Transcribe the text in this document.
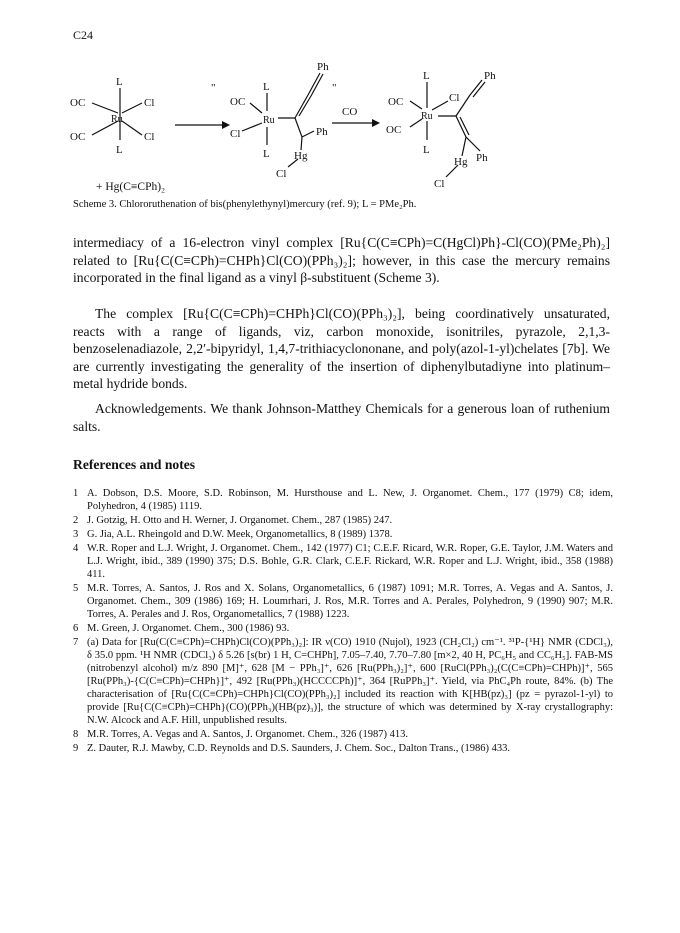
C24
L
OC	Cl
Ru
OC	Cl
L
"	L	"
Ph
OC
Ru
Cl	Ph
L Hg
Cl
CO
L
OC	Cl
Ru
OC
Ph
L
Ph
Hg
Cl
+ Hg(C≡CPh)₂
Scheme 3. Chlororuthenation of bis(phenylethynyl)mercury (ref. 9); L = PMe₂Ph.

intermediacy of a 16-electron vinyl complex [Ru{C(C≡CPh)=C(HgCl)Ph}-Cl(CO)(PMe₂Ph)₂] related to [Ru{C(C≡CPh)=CHPh}Cl(CO)(PPh₃)₂]; however, in this case the mercury remains incorporated in the final ligand as a vinyl β-substituent (Scheme 3).

The complex [Ru{C(C≡CPh)=CHPh}Cl(CO)(PPh₃)₂], being coordinatively unsaturated, reacts with a range of ligands, viz, carbon monoxide, isonitriles, pyrazole, 2,1,3-benzoselenadiazole, 2,2′-bipyridyl, 1,4,7-trithiacyclononane, and poly(azol-1-yl)chelates [7b]. We are currently investigating the generality of the insertion of diphenylbutadiyne into platinum–metal hydride bonds.

Acknowledgements. We thank Johnson-Matthey Chemicals for a generous loan of ruthenium salts.

References and notes
1 A. Dobson, D.S. Moore, S.D. Robinson, M. Hursthouse and L. New, J. Organomet. Chem., 177 (1979) C8; idem, Polyhedron, 4 (1985) 1119.
2 J. Gotzig, H. Otto and H. Werner, J. Organomet. Chem., 287 (1985) 247.
3 G. Jia, A.L. Rheingold and D.W. Meek, Organometallics, 8 (1989) 1378.
4 W.R. Roper and L.J. Wright, J. Organomet. Chem., 142 (1977) C1; C.E.F. Ricard, W.R. Roper, G.E. Taylor, J.M. Waters and L.J. Wright, ibid., 389 (1990) 375; D.S. Bohle, G.R. Clark, C.E.F. Rickard, W.R. Roper and L.J. Wright, ibid., 358 (1988) 411.
5 M.R. Torres, A. Santos, J. Ros and X. Solans, Organometallics, 6 (1987) 1091; M.R. Torres, A. Vegas and A. Santos, J. Organomet. Chem., 309 (1986) 169; H. Loumrhari, J. Ros, M.R. Torres and A. Perales, Polyhedron, 9 (1990) 907; M.R. Torres, A. Perales and J. Ros, Organometallics, 7 (1988) 1223.
6 M. Green, J. Organomet. Chem., 300 (1986) 93.
7 (a) Data for [Ru(C(C≡CPh)=CHPh)Cl(CO)(PPh₃)₂]: IR ν(CO) 1910 (Nujol), 1923 (CH₂Cl₂) cm⁻¹. ³¹P-{¹H} NMR (CDCl₃), δ 35.0 ppm. ¹H NMR (CDCl₃) δ 5.26 [s(br) 1 H, C=CHPh], 7.05–7.40, 7.70–7.80 [m×2, 40 H, PC₆H₅ and CC₆H₅]. FAB-MS (nitrobenzyl alcohol) m/z 890 [M]⁺, 628 [M − PPh₃]⁺, 626 [Ru(PPh₃)₂]⁺, 600 [RuCl(PPh₃)₂(C(C≡CPh)=CHPh)]⁺, 565 [Ru(PPh₃)-{C(C≡CPh)=CHPh}]⁺, 492 [Ru(PPh₃)(HCCCCPh)]⁺, 364 [RuPPh₃]⁺. Yield, via PhC₄Ph route, 84%. (b) The characterisation of [Ru{C(C≡CPh)=CHPh}Cl(CO)(PPh₃)₂] included its reaction with K[HB(pz)₃] (pz = pyrazol-1-yl) to provide [Ru{C(C≡CPh)=CHPh}(CO)(PPh₃)(HB(pz)₃)], the structure of which was determined by X-ray crystallography: N.W. Alcock and A.F. Hill, unpublished results.
8 M.R. Torres, A. Vegas and A. Santos, J. Organomet. Chem., 326 (1987) 413.
9 Z. Dauter, R.J. Mawby, C.D. Reynolds and D.S. Saunders, J. Chem. Soc., Dalton Trans., (1986) 433.
